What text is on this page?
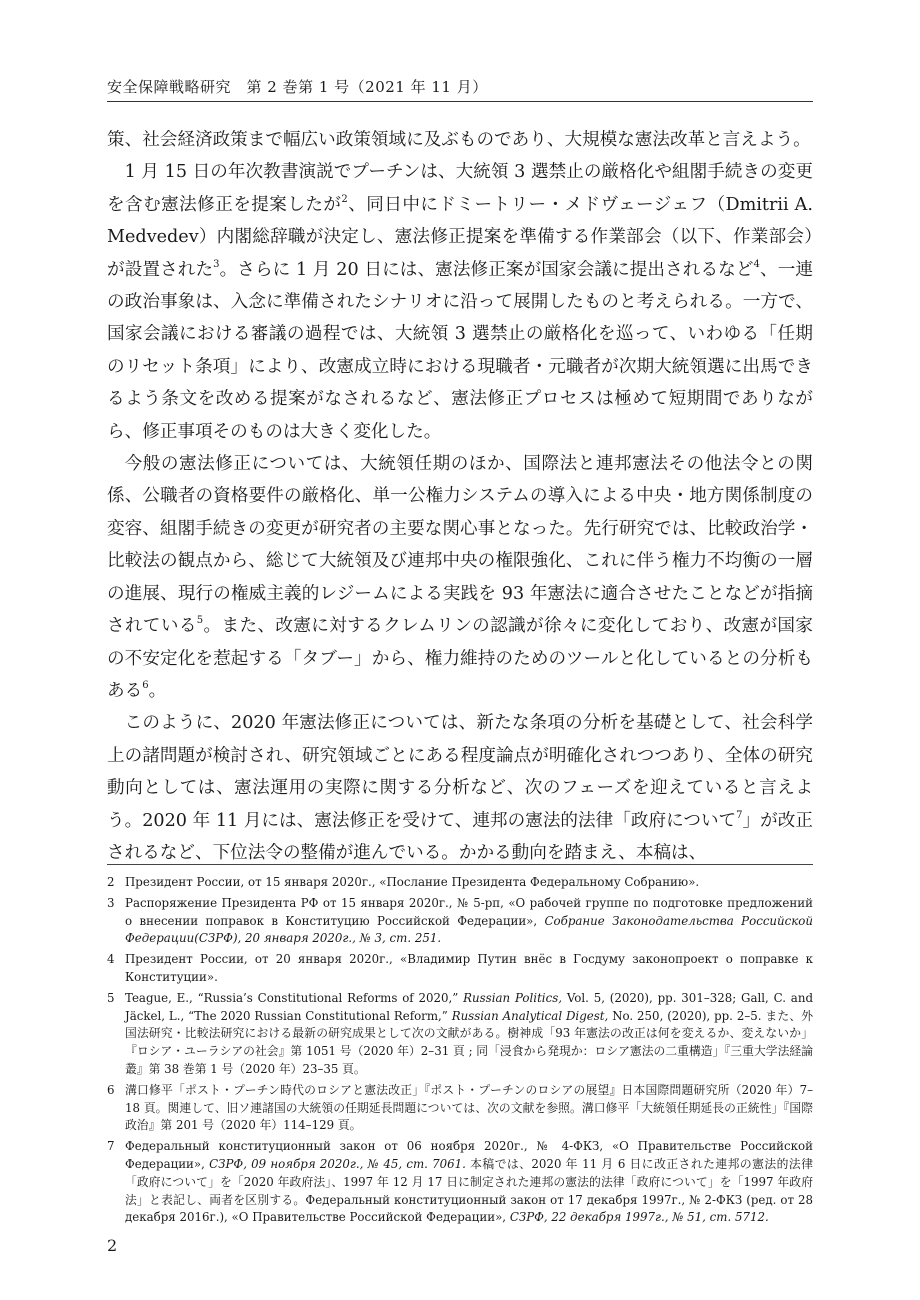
安全保障戦略研究　第 2 巻第 1 号（2021 年 11 月）

策、社会経済政策まで幅広い政策領域に及ぶものであり、大規模な憲法改革と言えよう。

1 月 15 日の年次教書演説でプーチンは、大統領 3 選禁止の厳格化や組閣手続きの変更を含む憲法修正を提案したが$^2$、同日中にドミートリー・メドヴェージェフ（Dmitrii A. Medvedev）内閣総辞職が決定し、憲法修正提案を準備する作業部会（以下、作業部会）が設置された$^3$。さらに 1 月 20 日には、憲法修正案が国家会議に提出されるなど$^4$、一連の政治事象は、入念に準備されたシナリオに沿って展開したものと考えられる。一方で、国家会議における審議の過程では、大統領 3 選禁止の厳格化を巡って、いわゆる「任期のリセット条項」により、改憲成立時における現職者・元職者が次期大統領選に出馬できるよう条文を改める提案がなされるなど、憲法修正プロセスは極めて短期間でありながら、修正事項そのものは大きく変化した。

今般の憲法修正については、大統領任期のほか、国際法と連邦憲法その他法令との関係、公職者の資格要件の厳格化、単一公権力システムの導入による中央・地方関係制度の変容、組閣手続きの変更が研究者の主要な関心事となった。先行研究では、比較政治学・比較法の観点から、総じて大統領及び連邦中央の権限強化、これに伴う権力不均衡の一層の進展、現行の権威主義的レジームによる実践を 93 年憲法に適合させたことなどが指摘されている$^5$。また、改憲に対するクレムリンの認識が徐々に変化しており、改憲が国家の不安定化を惹起する「タブー」から、権力維持のためのツールと化しているとの分析もある$^6$。

このように、2020 年憲法修正については、新たな条項の分析を基礎として、社会科学上の諸問題が検討され、研究領域ごとにある程度論点が明確化されつつあり、全体の研究動向としては、憲法運用の実際に関する分析など、次のフェーズを迎えていると言えよう。2020 年 11 月には、憲法修正を受けて、連邦の憲法的法律「政府について$^7$」が改正されるなど、下位法令の整備が進んでいる。かかる動向を踏まえ、本稿は、

2 Президент России, от 15 января 2020г., «Послание Президента Федеральному Собранию».
3 Распоряжение Президента РФ от 15 января 2020г., № 5-рп, «О рабочей группе по подготовке предложений о внесении поправок в Конституцию Российской Федерации», Собрание Законодательства Российской Федерации(СЗРФ), 20 января 2020г., № 3, ст. 251.
4 Президент России, от 20 января 2020г., «Владимир Путин внёс в Госдуму законопроект о поправке к Конституции».
5 Teague, E., “Russia’s Constitutional Reforms of 2020,” Russian Politics, Vol. 5, (2020), pp. 301–328; Gall, C. and Jäckel, L., “The 2020 Russian Constitutional Reform,” Russian Analytical Digest, No. 250, (2020), pp. 2–5. また、外国法研究・比較法研究における最新の研究成果として次の文献がある。樹神成「93 年憲法の改正は何を変えるか、変えないか」『ロシア・ユーラシアの社会』第 1051 号（2020 年）2–31 頁 ; 同「浸食から発現か：ロシア憲法の二重構造」『三重大学法経論叢』第 38 巻第 1 号（2020 年）23–35 頁。
6 溝口修平「ポスト・プーチン時代のロシアと憲法改正」『ポスト・プーチンのロシアの展望』日本国際問題研究所（2020 年）7–18 頁。関連して、旧ソ連諸国の大統領の任期延長問題については、次の文献を参照。溝口修平「大統領任期延長の正統性」『国際政治』第 201 号（2020 年）114–129 頁。
7 Федеральный конституционный закон от 06 ноября 2020г., № 4-ФКЗ, «О Правительстве Российской Федерации», СЗРФ, 09 ноября 2020г., № 45, ст. 7061. 本稿では、2020 年 11 月 6 日に改正された連邦の憲法的法律「政府について」を「2020 年政府法」、1997 年 12 月 17 日に制定された連邦の憲法的法律「政府について」を「1997 年政府法」と表記し、両者を区別する。Федеральный конституционный закон от 17 декабря 1997г., № 2-ФКЗ (ред. от 28 декабря 2016г.), «О Правительстве Российской Федерации», СЗРФ, 22 декабря 1997г., № 51, ст. 5712.
2
